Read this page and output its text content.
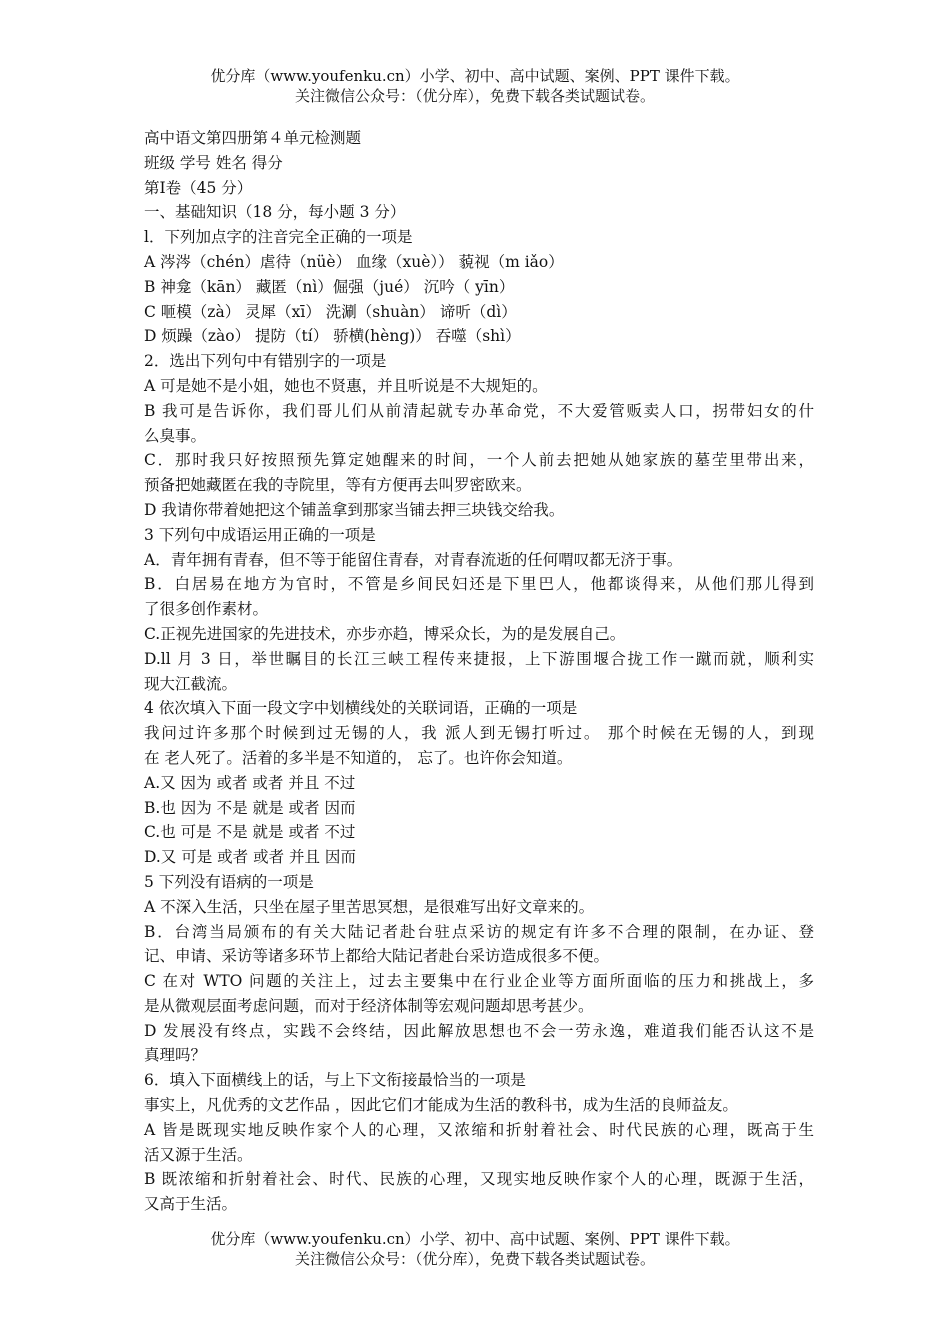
优分库（www.youfenku.cn）小学、初中、高中试题、案例、PPT 课件下载。
关注微信公众号：（优分库），免费下载各类试题试卷。
高中语文第四册第４单元检测题
班级 学号 姓名 得分
第Ⅰ卷（45 分）
一、基础知识（18 分，每小题 3 分）
l．下列加点字的注音完全正确的一项是
A 涔涔（chén）虐待（nüè） 血缘（xuè）） 藐视（m iǎo）
B 神龛（kān） 藏匿（nì）倔强（jué） 沉吟（ yīn）
C 咂模（zà） 灵犀（xī） 洗涮（shuàn） 谛听（dì）
D 烦躁（zào） 提防（tí） 骄横(hèng)） 吞噬（shì）
2．选出下列句中有错别字的一项是
A 可是她不是小姐，她也不贤惠，并且听说是不大规矩的。
B 我可是告诉你，我们哥儿们从前清起就专办革命党，不大爱管贩卖人口，拐带妇女的什
么臭事。
C．那时我只好按照预先算定她醒来的时间，一个人前去把她从她家族的墓茔里带出来，
预备把她藏匿在我的寺院里，等有方便再去叫罗密欧来。
D 我请你带着她把这个铺盖拿到那家当铺去押三块钱交给我。
3 下列句中成语运用正确的一项是
A．青年拥有青春，但不等于能留住青春，对青春流逝的任何喟叹都无济于事。
B．白居易在地方为官时，不管是乡间民妇还是下里巴人，他都谈得来，从他们那儿得到
了很多创作素材。
C.正视先进国家的先进技术，亦步亦趋，博采众长，为的是发展自己。
D.ll 月 3 日，举世瞩目的长江三峡工程传来捷报，上下游围堰合拢工作一蹴而就，顺利实
现大江截流。
4 依次填入下面一段文字中划横线处的关联词语，正确的一项是
我问过许多那个时候到过无锡的人，我 派人到无锡打听过。 那个时候在无锡的人，到现
在 老人死了。活着的多半是不知道的， 忘了。也许你会知道。
A.又 因为 或者 或者 并且 不过
B.也 因为 不是 就是 或者 因而
C.也 可是 不是 就是 或者 不过
D.又 可是 或者 或者 并且 因而
5 下列没有语病的一项是
A 不深入生活，只坐在屋子里苦思冥想，是很难写出好文章来的。
B．台湾当局颁布的有关大陆记者赴台驻点采访的规定有许多不合理的限制，在办证、登
记、申请、采访等诸多环节上都给大陆记者赴台采访造成很多不便。
C 在对 WTO 问题的关注上，过去主要集中在行业企业等方面所面临的压力和挑战上，多
是从微观层面考虑问题，而对于经济体制等宏观问题却思考甚少。
D 发展没有终点，实践不会终结，因此解放思想也不会一劳永逸，难道我们能否认这不是
真理吗？
6．填入下面横线上的话，与上下文衔接最恰当的一项是
事实上，凡优秀的文艺作品 ，因此它们才能成为生活的教科书，成为生活的良师益友。
A 皆是既现实地反映作家个人的心理，又浓缩和折射着社会、时代民族的心理，既高于生
活又源于生活。
B 既浓缩和折射着社会、时代、民族的心理，又现实地反映作家个人的心理，既源于生活，
又高于生活。
优分库（www.youfenku.cn）小学、初中、高中试题、案例、PPT 课件下载。
关注微信公众号：（优分库），免费下载各类试题试卷。
